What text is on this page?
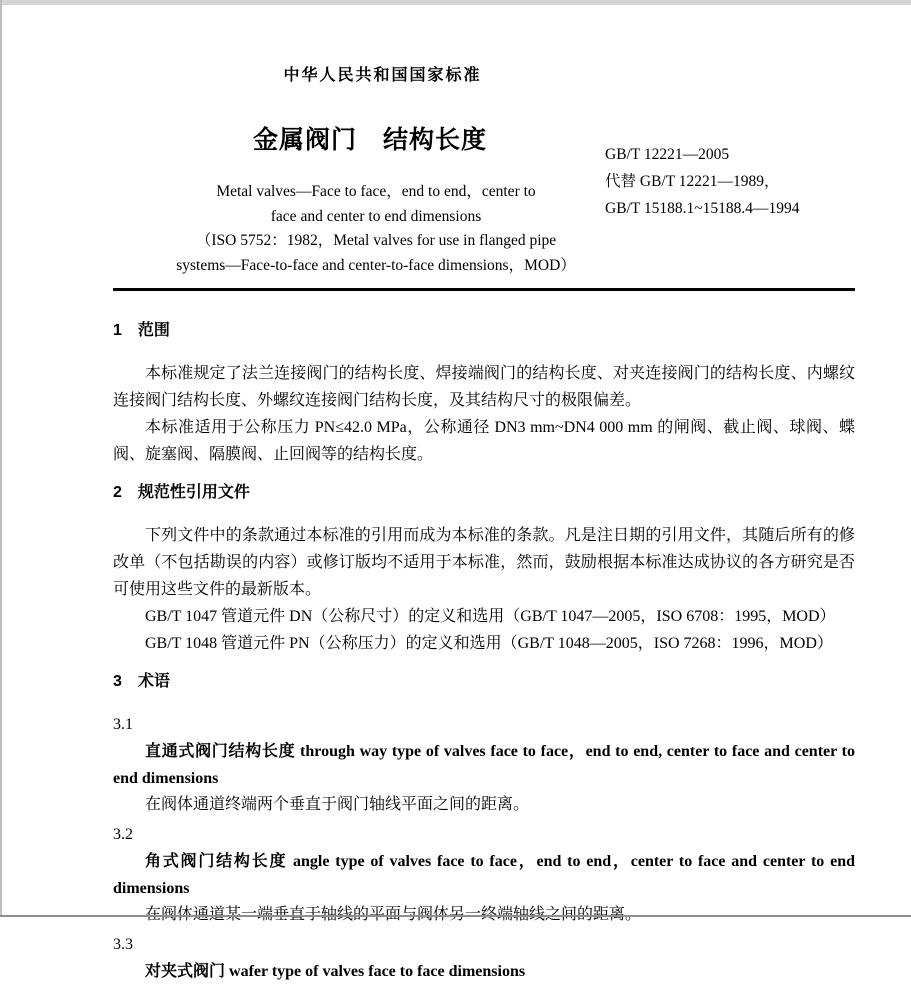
中华人民共和国国家标准
金属阀门　结构长度
GB/T 12221—2005
代替 GB/T 12221—1989，
GB/T 15188.1~15188.4—1994
Metal valves—Face to face，end to end，center to
face and center to end dimensions
（ISO 5752：1982，Metal valves for use in flanged pipe
systems—Face-to-face and center-to-face dimensions，MOD）
1　范围
本标准规定了法兰连接阀门的结构长度、焊接端阀门的结构长度、对夹连接阀门的结构长度、内螺纹连接阀门结构长度、外螺纹连接阀门结构长度，及其结构尺寸的极限偏差。
本标准适用于公称压力 PN≤42.0 MPa，公称通径 DN3 mm~DN4 000 mm 的闸阀、截止阀、球阀、蝶阀、旋塞阀、隔膜阀、止回阀等的结构长度。
2　规范性引用文件
下列文件中的条款通过本标准的引用而成为本标准的条款。凡是注日期的引用文件，其随后所有的修改单（不包括勘误的内容）或修订版均不适用于本标准，然而，鼓励根据本标准达成协议的各方研究是否可使用这些文件的最新版本。
GB/T 1047 管道元件 DN（公称尺寸）的定义和选用（GB/T 1047—2005，ISO 6708：1995，MOD）
GB/T 1048 管道元件 PN（公称压力）的定义和选用（GB/T 1048—2005，ISO 7268：1996，MOD）
3　术语
3.1
直通式阀门结构长度 through way type of valves face to face，end to end, center to face and center to end dimensions
在阀体通道终端两个垂直于阀门轴线平面之间的距离。
3.2
角式阀门结构长度 angle type of valves face to face，end to end，center to face and center to end dimensions
3.3
对夹式阀门 wafer type of valves face to face dimensions
